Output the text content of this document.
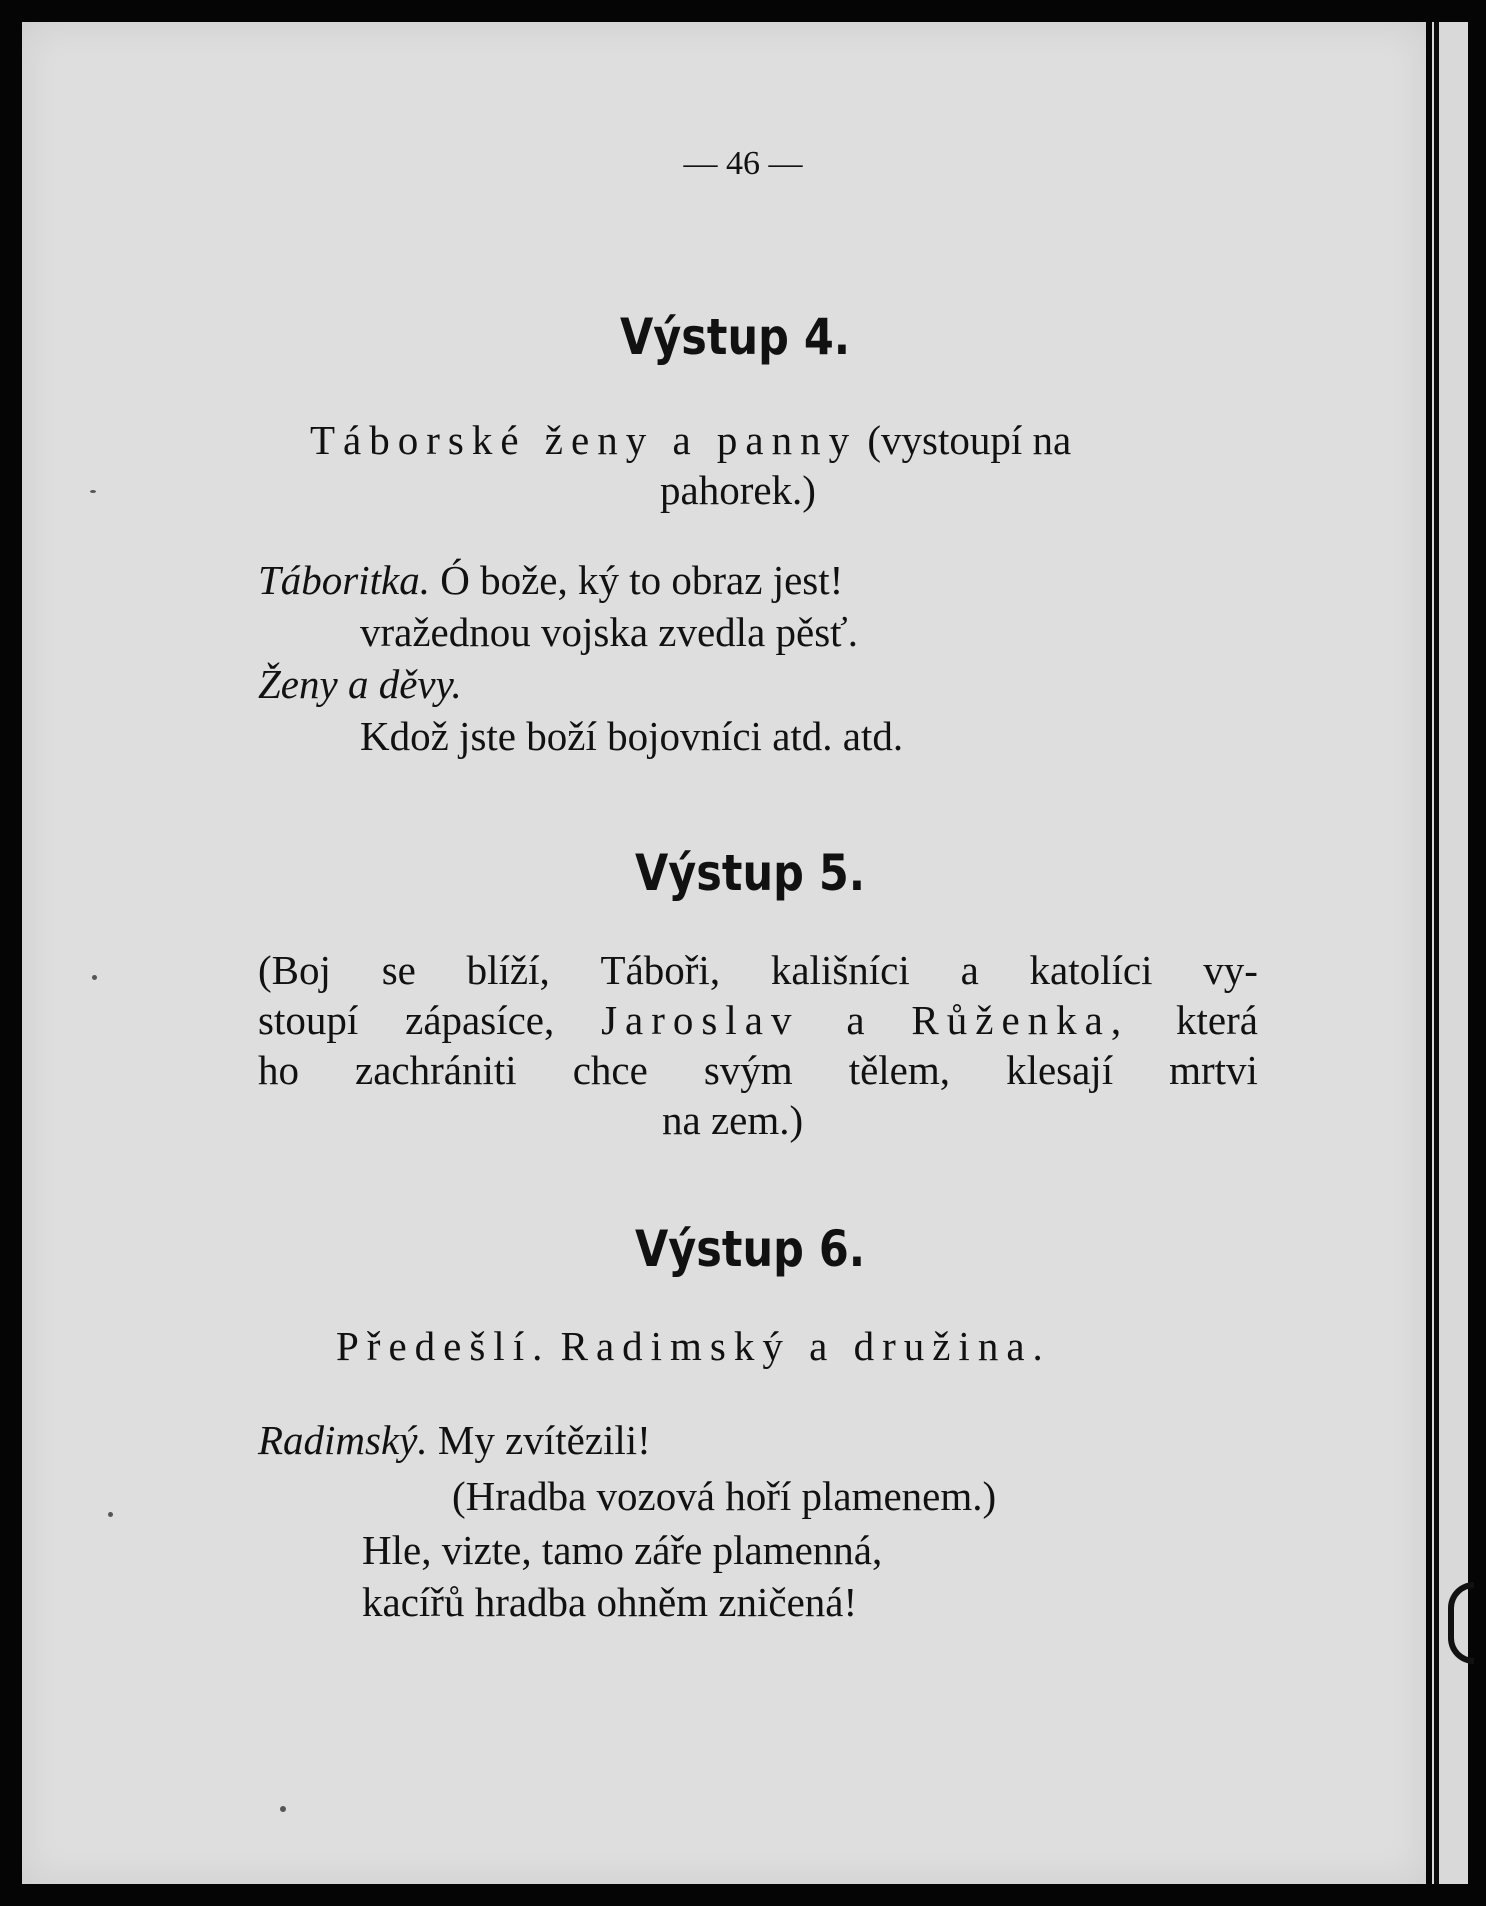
— 46 —
Výstup 4.
Táborské ženy a panny (vystoupí na
pahorek.)
Táboritka. Ó bože, ký to obraz jest!
vražednou vojska zvedla pěsť.
Ženy a děvy.
Kdož jste boží bojovníci atd. atd.
Výstup 5.
(Boj se blíží, Táboři, kališníci a katolíci vy-
stoupí zápasíce, Jaroslav a Růženka, která
ho zachrániti chce svým tělem, klesají mrtvi
na zem.)
Výstup 6.
Předešlí. Radimský a družina.
Radimský. My zvítězili!
(Hradba vozová hoří plamenem.)
Hle, vizte, tamo záře plamenná,
kacířů hradba ohněm zničená!
